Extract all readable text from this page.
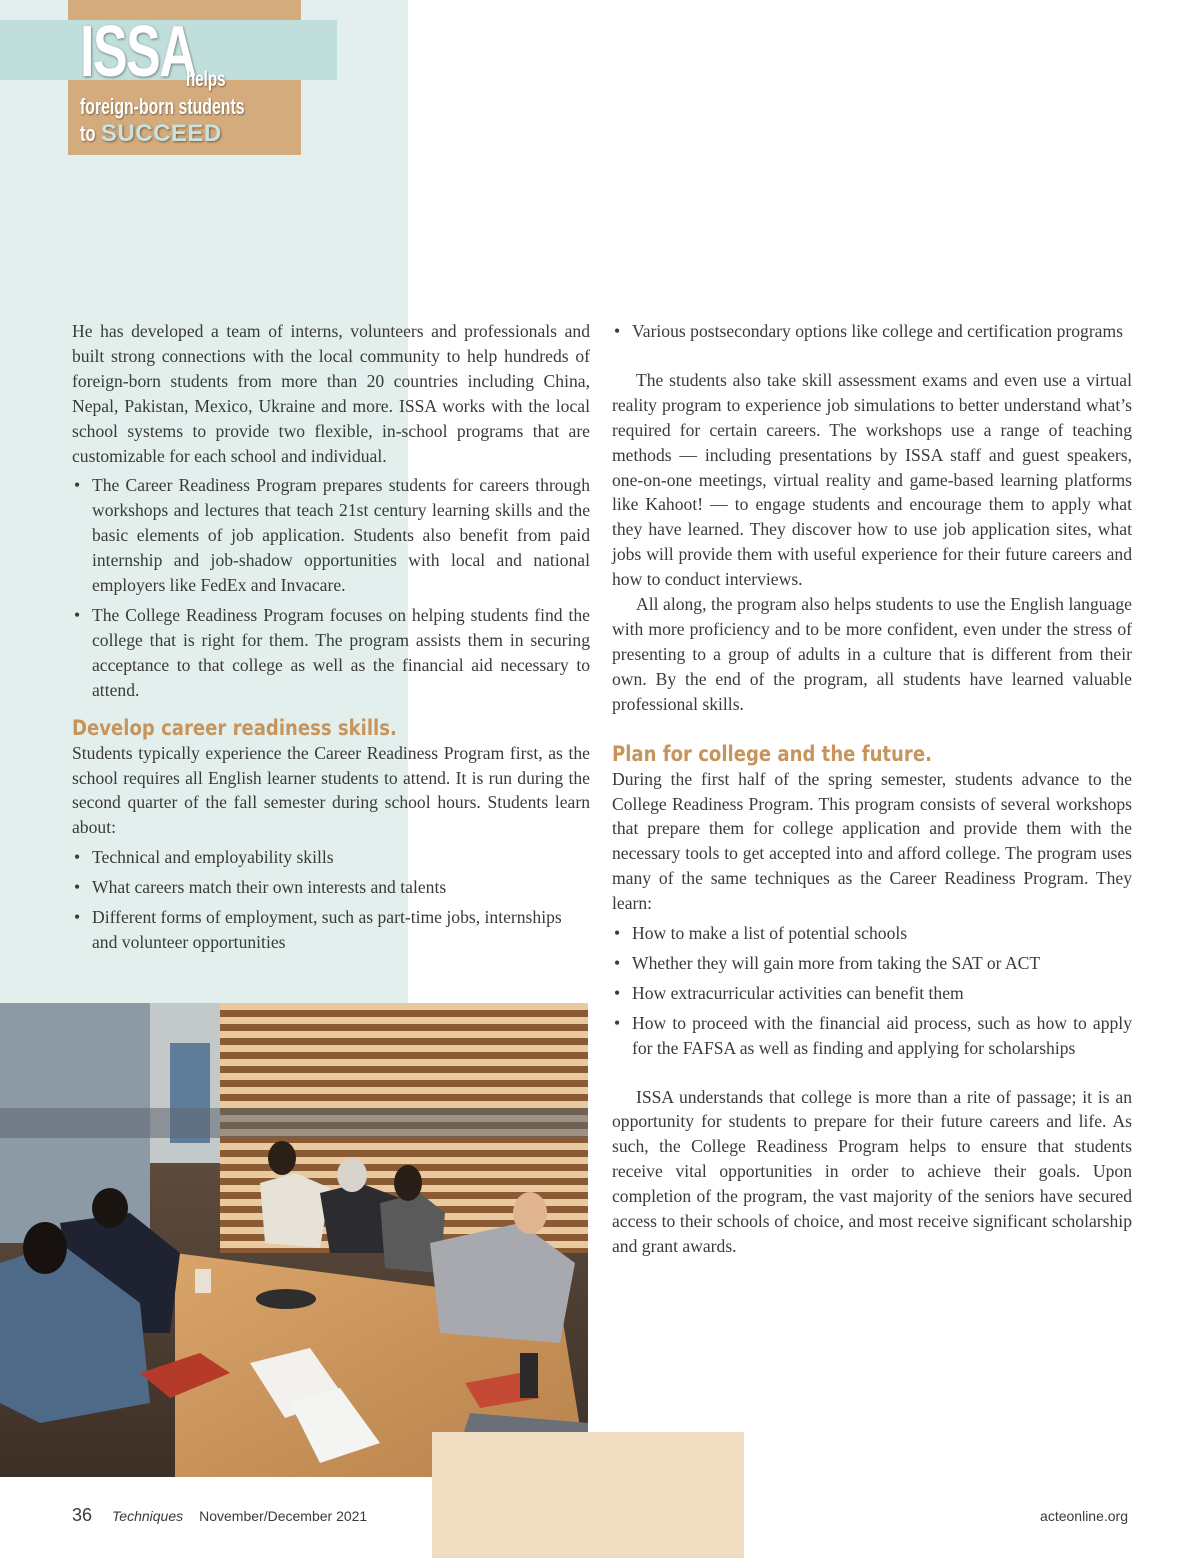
ISSA
helps
foreign-born students
to SUCCEED

He has developed a team of interns, volunteers and professionals and built strong connections with the local community to help hundreds of foreign-born students from more than 20 countries including China, Nepal, Pakistan, Mexico, Ukraine and more. ISSA works with the local school systems to provide two flexible, in-school programs that are customizable for each school and individual.

• The Career Readiness Program prepares students for careers through workshops and lectures that teach 21st century learning skills and the basic elements of job application. Students also benefit from paid internship and job-shadow opportunities with local and national employers like FedEx and Invacare.
• The College Readiness Program focuses on helping students find the college that is right for them. The program assists them in securing acceptance to that college as well as the financial aid necessary to attend.
Develop career readiness skills.

Students typically experience the Career Readiness Program first, as the school requires all English learner students to attend. It is run during the second quarter of the fall semester during school hours. Students learn about:

• Technical and employability skills
• What careers match their own interests and talents
• Different forms of employment, such as part-time jobs, internships and volunteer opportunities
• Various postsecondary options like college and certification programs

The students also take skill assessment exams and even use a virtual reality program to experience job simulations to better understand what’s required for certain careers. The workshops use a range of teaching methods — including presentations by ISSA staff and guest speakers, one-on-one meetings, virtual reality and game-based learning platforms like Kahoot! — to engage students and encourage them to apply what they have learned. They discover how to use job application sites, what jobs will provide them with useful experience for their future careers and how to conduct interviews.

All along, the program also helps students to use the English language with more proficiency and to be more confident, even under the stress of presenting to a group of adults in a culture that is different from their own. By the end of the program, all students have learned valuable professional skills.

Plan for college and the future.

During the first half of the spring semester, students advance to the College Readiness Program. This program consists of several workshops that prepare them for college application and provide them with the necessary tools to get accepted into and afford college. The program uses many of the same techniques as the Career Readiness Program. They learn:

• How to make a list of potential schools
• Whether they will gain more from taking the SAT or ACT
• How extracurricular activities can benefit them
• How to proceed with the financial aid process, such as how to apply for the FAFSA as well as finding and applying for scholarships

ISSA understands that college is more than a rite of passage; it is an opportunity for students to prepare for their future careers and life. As such, the College Readiness Program helps to ensure that students receive vital opportunities in order to achieve their goals. Upon completion of the program, the vast majority of the seniors have secured access to their schools of choice, and most receive significant scholarship and grant awards.

36 Techniques November/December 2021	acteonline.org
